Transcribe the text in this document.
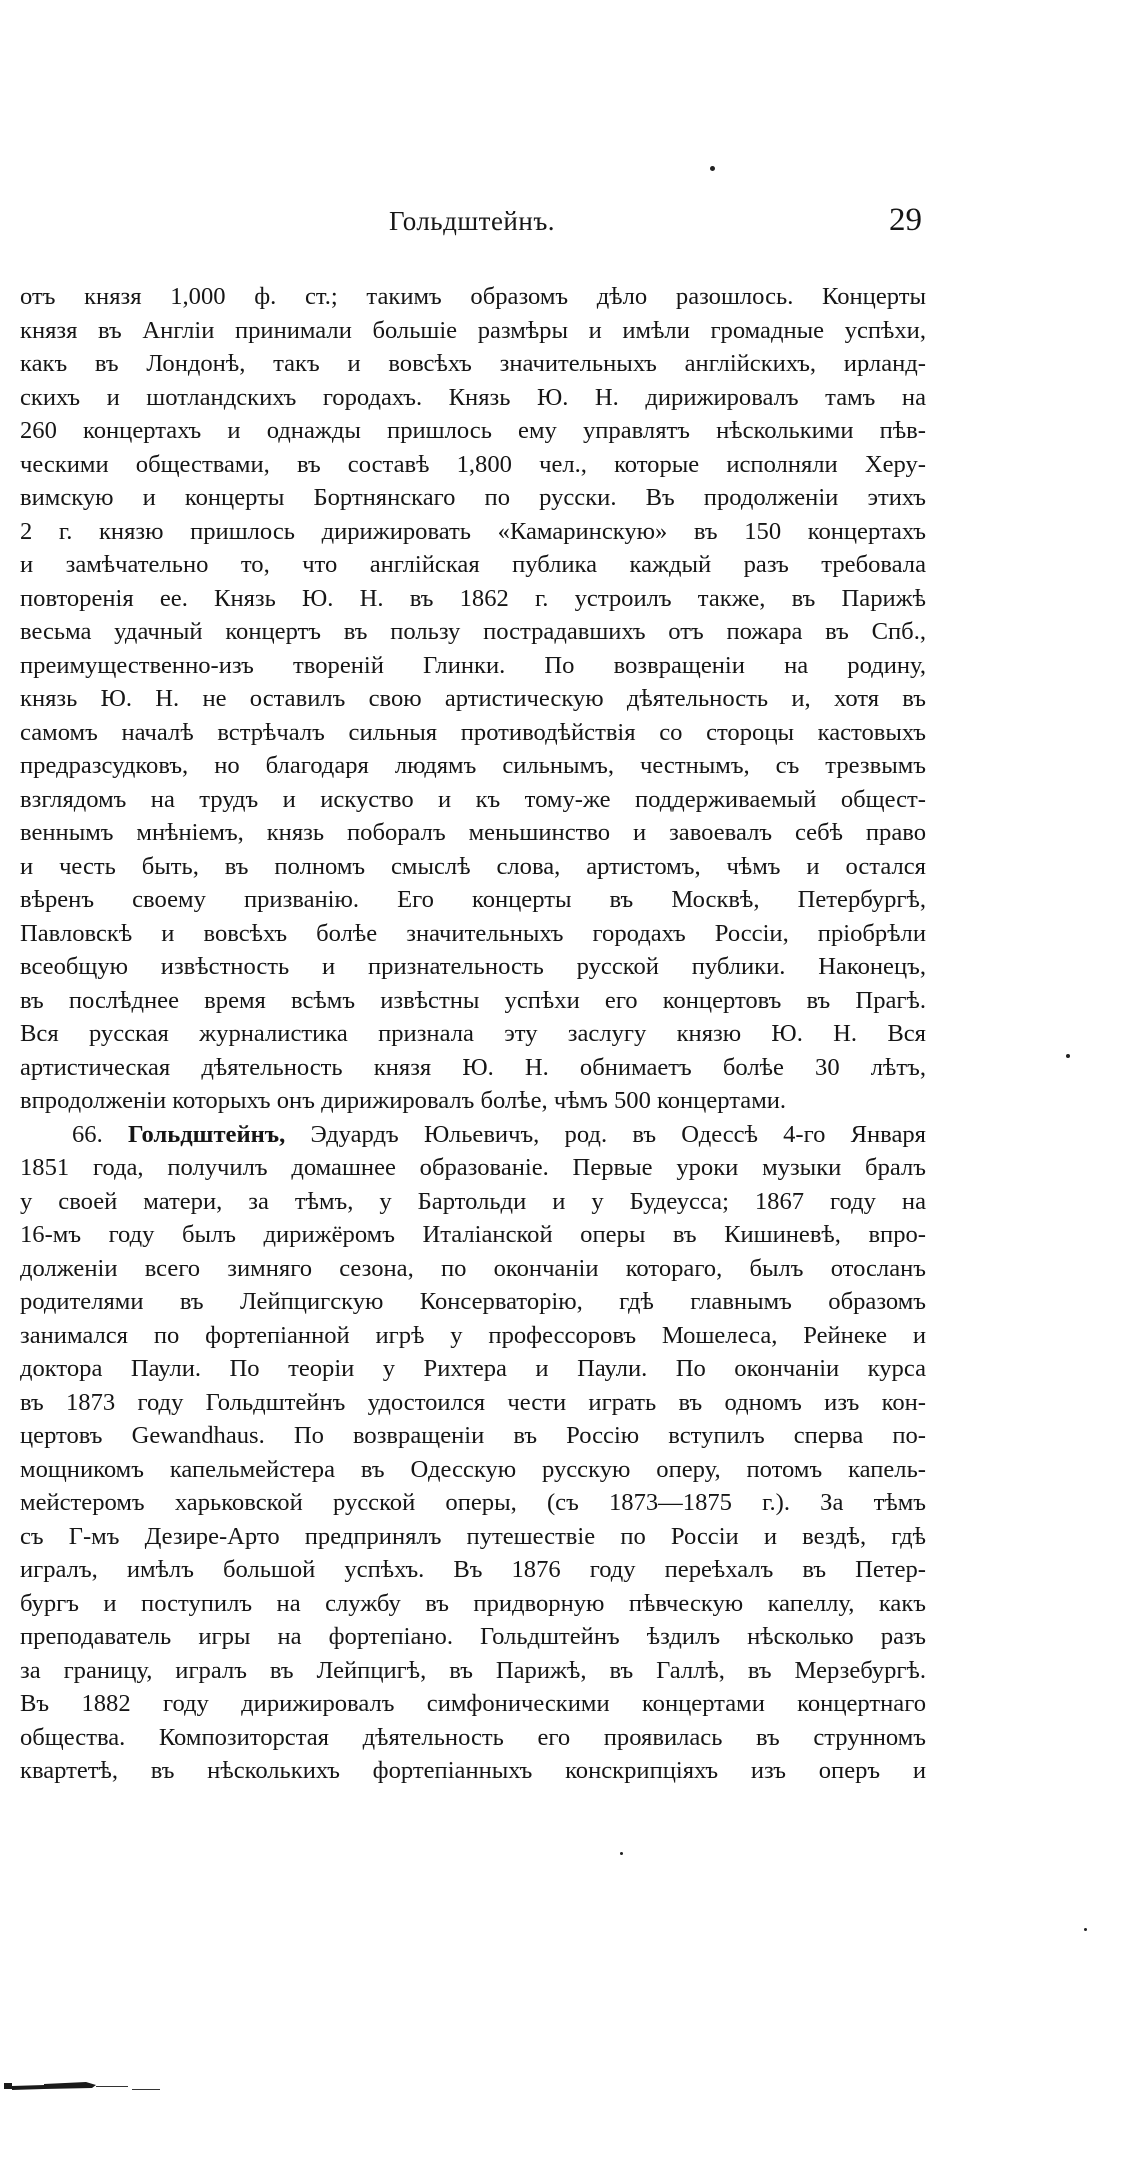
Гольдштейнъ.	29
отъ князя 1,000 ф. ст.; такимъ образомъ дѣло разошлось. Концерты
князя въ Англіи принимали большіе размѣры и имѣли громадные успѣхи,
какъ въ Лондонѣ, такъ и вовсѣхъ значительныхъ англійскихъ, ирланд-
скихъ и шотландскихъ городахъ. Князь Ю. Н. дирижировалъ тамъ на
260 концертахъ и однажды пришлось ему управлятъ нѣсколькими пѣв-
ческими обществами, въ составѣ 1,800 чел., которые исполняли Херу-
вимскую и концерты Бортнянскаго по русски. Въ продолженіи этихъ
2 г. князю пришлось дирижировать «Камаринскую» въ 150 концертахъ
и замѣчательно то, что англійская публика каждый разъ требовала
повторенія ее. Князь Ю. Н. въ 1862 г. устроилъ также, въ Парижѣ
весьма удачный концертъ въ пользу пострадавшихъ отъ пожара въ Спб.,
преимущественно-изъ твореній Глинки. По возвращеніи на родину,
князь Ю. Н. не оставилъ свою артистическую дѣятельность и, хотя въ
самомъ началѣ встрѣчалъ сильныя противодѣйствія со стороцы кастовыхъ
предразсудковъ, но благодаря людямъ сильнымъ, честнымъ, съ трезвымъ
взглядомъ на трудъ и искуство и къ тому-же поддерживаемый общест-
веннымъ мнѣніемъ, князь поборалъ меньшинство и завоевалъ себѣ право
и честь быть, въ полномъ смыслѣ слова, артистомъ, чѣмъ и остался
вѣренъ своему призванію. Его концерты въ Москвѣ, Петербургѣ,
Павловскѣ и вовсѣхъ болѣе значительныхъ городахъ Россіи, пріобрѣли
всеобщую извѣстность и признательность русской публики. Наконецъ,
въ послѣднее время всѣмъ извѣстны успѣхи его концертовъ въ Прагѣ.
Вся русская журналистика признала эту заслугу князю Ю. Н. Вся
артистическая дѣятельность князя Ю. Н. обнимаетъ болѣе 30 лѣтъ,
впродолженіи которыхъ онъ дирижировалъ болѣе, чѣмъ 500 концертами.
66. Гольдштейнъ, Эдуардъ Юльевичъ, род. въ Одессѣ 4-го Января
1851 года, получилъ домашнее образованіе. Первые уроки музыки бралъ
у своей матери, за тѣмъ, у Бартольди и у Будеусса; 1867 году на
16-мъ году былъ дирижёромъ Италіанской оперы въ Кишиневѣ, впро-
долженіи всего зимняго сезона, по окончаніи котораго, былъ отосланъ
родителями въ Лейпцигскую Консерваторію, гдѣ главнымъ образомъ
занимался по фортепіанной игрѣ у профессоровъ Мошелеса, Рейнеке и
доктора Паули. По теоріи у Рихтера и Паули. По окончаніи курса
въ 1873 году Гольдштейнъ удостоился чести играть въ одномъ изъ кон-
цертовъ Gewandhaus. По возвращеніи въ Россію вступилъ сперва по-
мощникомъ капельмейстера въ Одесскую русскую оперу, потомъ капель-
мейстеромъ харьковской русской оперы, (съ 1873—1875 г.). За тѣмъ
съ Г-мъ Дезире-Арто предпринялъ путешествіе по Россіи и вездѣ, гдѣ
игралъ, имѣлъ большой успѣхъ. Въ 1876 году переѣхалъ въ Петер-
бургъ и поступилъ на службу въ придворную пѣвческую капеллу, какъ
преподаватель игры на фортепіано. Гольдштейнъ ѣздилъ нѣсколько разъ
за границу, игралъ въ Лейпцигѣ, въ Парижѣ, въ Галлѣ, въ Мерзебургѣ.
Въ 1882 году дирижировалъ симфоническими концертами концертнаго
общества. Композиторстая дѣятельность его проявилась въ струнномъ
квартетѣ, въ нѣсколькихъ фортепіанныхъ конскрипціяхъ изъ оперъ и
